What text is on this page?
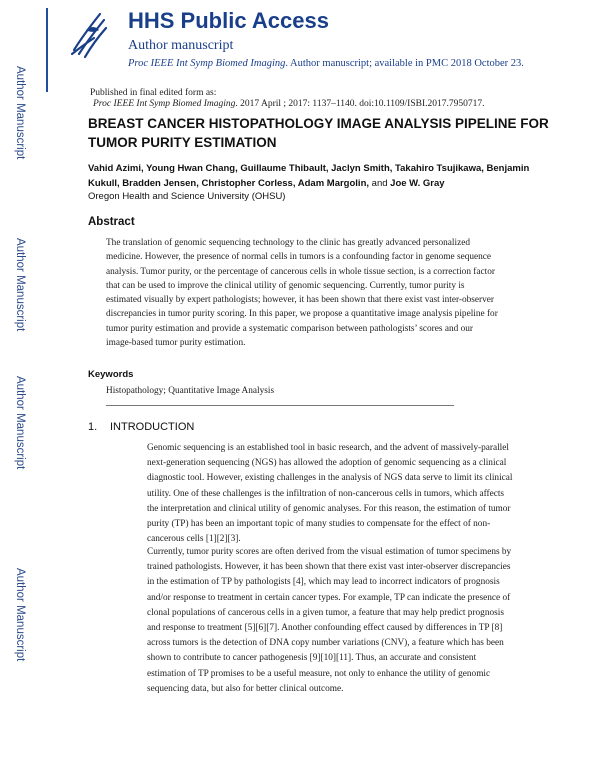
Author Manuscript
Author Manuscript
Author Manuscript
Author Manuscript
HHS Public Access
Author manuscript
Proc IEEE Int Symp Biomed Imaging. Author manuscript; available in PMC 2018 October 23.
Published in final edited form as:
Proc IEEE Int Symp Biomed Imaging. 2017 April ; 2017: 1137–1140. doi:10.1109/ISBI.2017.7950717.
BREAST CANCER HISTOPATHOLOGY IMAGE ANALYSIS PIPELINE FOR TUMOR PURITY ESTIMATION
Vahid Azimi, Young Hwan Chang, Guillaume Thibault, Jaclyn Smith, Takahiro Tsujikawa, Benjamin Kukull, Bradden Jensen, Christopher Corless, Adam Margolin, and Joe W. Gray
Oregon Health and Science University (OHSU)
Abstract
The translation of genomic sequencing technology to the clinic has greatly advanced personalized medicine. However, the presence of normal cells in tumors is a confounding factor in genome sequence analysis. Tumor purity, or the percentage of cancerous cells in whole tissue section, is a correction factor that can be used to improve the clinical utility of genomic sequencing. Currently, tumor purity is estimated visually by expert pathologists; however, it has been shown that there exist vast inter-observer discrepancies in tumor purity scoring. In this paper, we propose a quantitative image analysis pipeline for tumor purity estimation and provide a systematic comparison between pathologists’ scores and our image-based tumor purity estimation.
Keywords
Histopathology; Quantitative Image Analysis
1. INTRODUCTION
Genomic sequencing is an established tool in basic research, and the advent of massively-parallel next-generation sequencing (NGS) has allowed the adoption of genomic sequencing as a clinical diagnostic tool. However, existing challenges in the analysis of NGS data serve to limit its clinical utility. One of these challenges is the infiltration of non-cancerous cells in tumors, which affects the interpretation and clinical utility of genomic analyses. For this reason, the estimation of tumor purity (TP) has been an important topic of many studies to compensate for the effect of non-cancerous cells [1][2][3].
Currently, tumor purity scores are often derived from the visual estimation of tumor specimens by trained pathologists. However, it has been shown that there exist vast inter-observer discrepancies in the estimation of TP by pathologists [4], which may lead to incorrect indicators of prognosis and/or response to treatment in certain cancer types. For example, TP can indicate the presence of clonal populations of cancerous cells in a given tumor, a feature that may help predict prognosis and response to treatment [5][6][7]. Another confounding effect caused by differences in TP [8] across tumors is the detection of DNA copy number variations (CNV), a feature which has been shown to contribute to cancer pathogenesis [9][10][11]. Thus, an accurate and consistent estimation of TP promises to be a useful measure, not only to enhance the utility of genomic sequencing data, but also for better clinical outcome.
